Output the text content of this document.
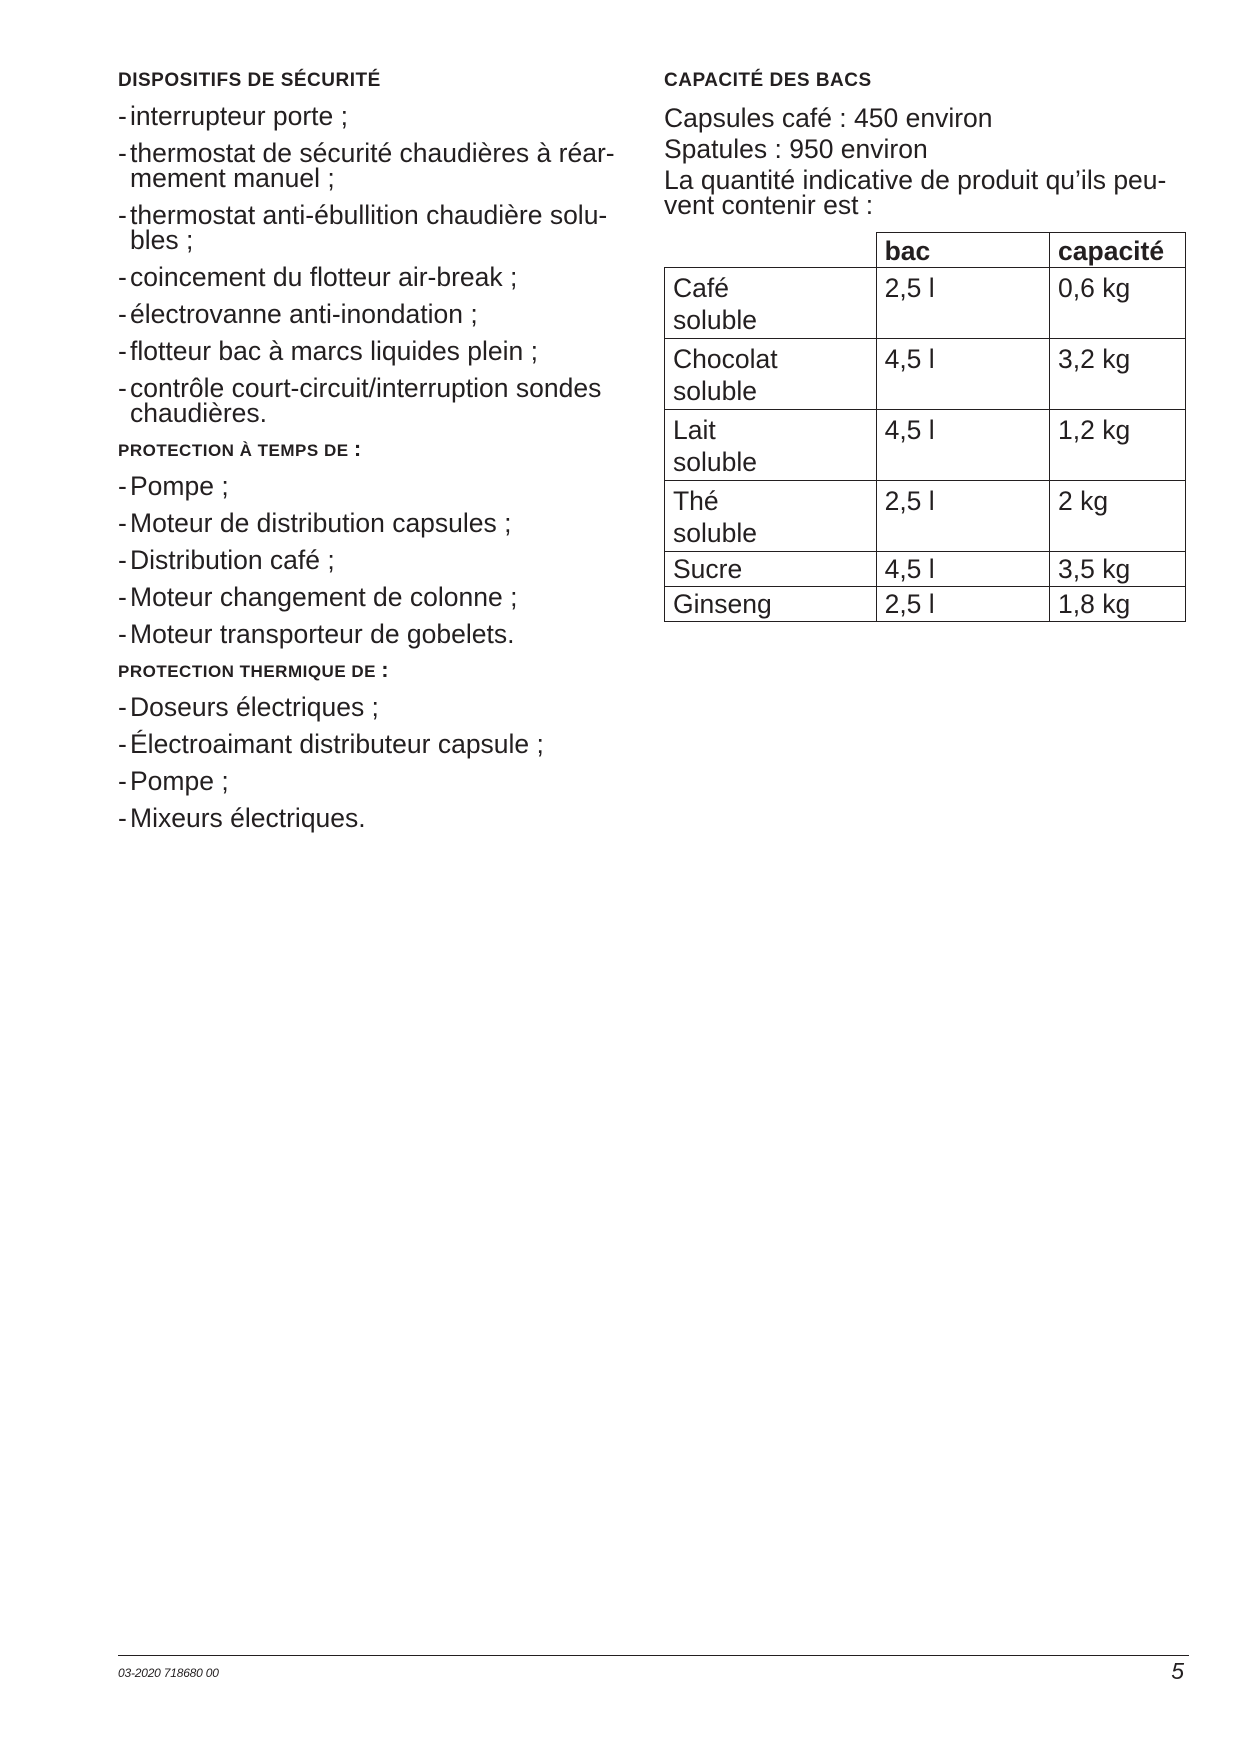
DISPOSITIFS DE SÉCURITÉ
- interrupteur porte ;
- thermostat de sécurité chaudières à réar-
mement manuel ;
- thermostat anti-ébullition chaudière solu-
bles ;
- coincement du flotteur air-break ;
- électrovanne anti-inondation ;
- flotteur bac à marcs liquides plein ;
- contrôle court-circuit/interruption sondes
chaudières.
PROTECTION À TEMPS DE :
- Pompe ;
- Moteur de distribution capsules ;
- Distribution café ;
- Moteur changement de colonne ;
- Moteur transporteur de gobelets.
PROTECTION THERMIQUE DE :
- Doseurs électriques ;
- Électroaimant distributeur capsule ;
- Pompe ;
- Mixeurs électriques.
CAPACITÉ DES BACS

Capsules café : 450 environ

Spatules : 950 environ

La quantité indicative de produit qu’ils peu-
vent contenir est :

	bac	capacité
Café
soluble	2,5 l	0,6 kg
Chocolat
soluble	4,5 l	3,2 kg
Lait
soluble	4,5 l	1,2 kg
Thé
soluble	2,5 l	2 kg
Sucre	4,5 l	3,5 kg
Ginseng	2,5 l	1,8 kg
03-2020 718680 00	5
